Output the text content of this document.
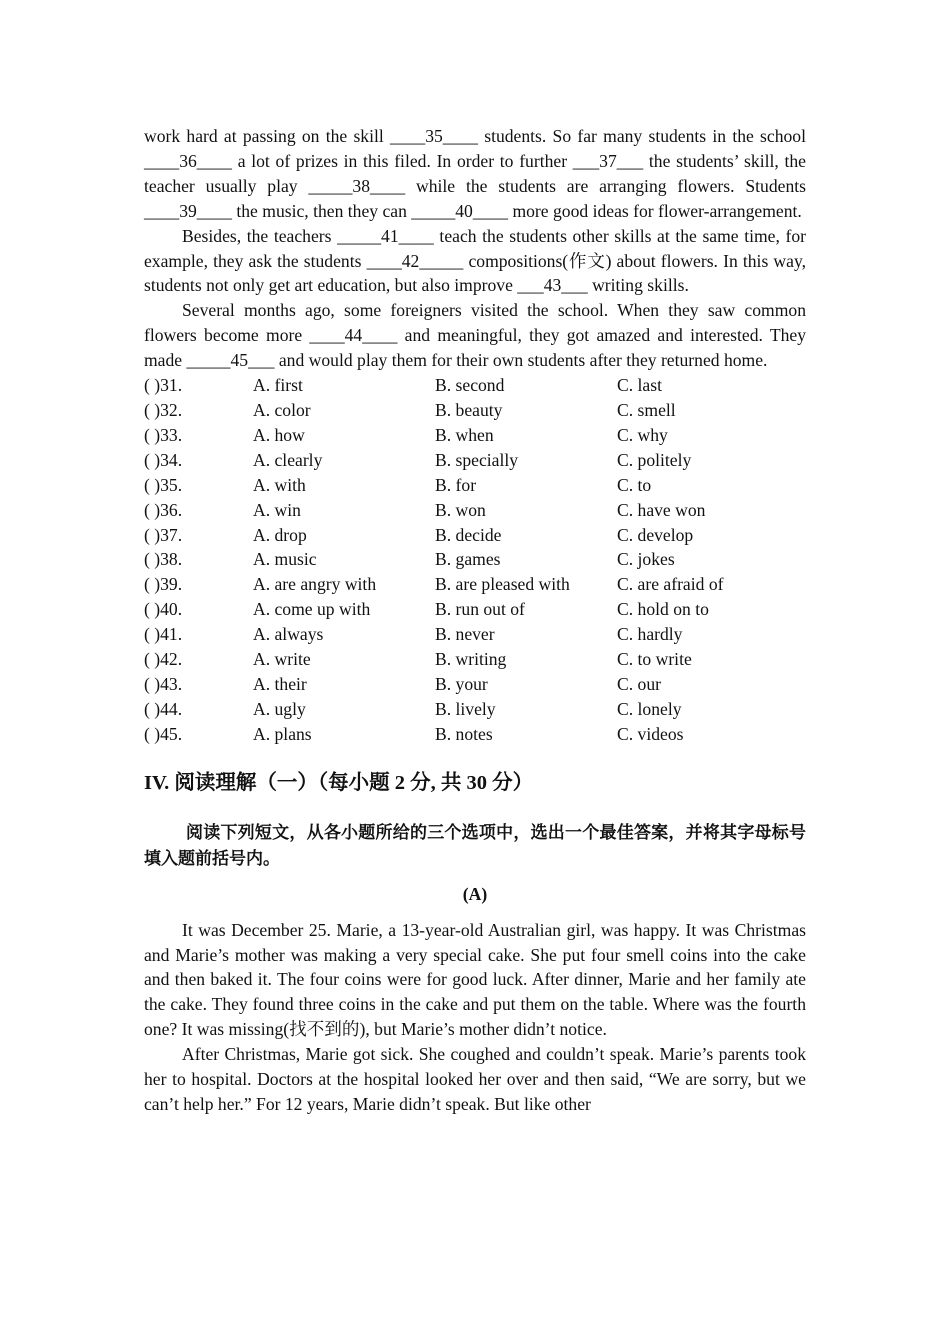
work hard at passing on the skill ____35____ students. So far many students in the school ____36____ a lot of prizes in this filed. In order to further ___37___ the students’ skill, the teacher usually play _____38____ while the students are arranging flowers. Students ____39____ the music, then they can _____40____ more good ideas for flower-arrangement.

Besides, the teachers _____41____ teach the students other skills at the same time, for example, they ask the students ____42_____ compositions(作文) about flowers. In this way, students not only get art education, but also improve ___43___ writing skills.

Several months ago, some foreigners visited the school. When they saw common flowers become more ____44____ and meaningful, they got amazed and interested. They made _____45___ and would play them for their own students after they returned home.

( )31.	A. first	B. second	C. last
( )32.	A. color	B. beauty	C. smell
( )33.	A. how	B. when	C. why
( )34.	A. clearly	B. specially	C. politely
( )35.	A. with	B. for	C. to
( )36.	A. win	B. won	C. have won
( )37.	A. drop	B. decide	C. develop
( )38.	A. music	B. games	C. jokes
( )39.	A. are angry with	B. are pleased with	C. are afraid of
( )40.	A. come up with	B. run out of	C. hold on to
( )41.	A. always	B. never	C. hardly
( )42.	A. write	B. writing	C. to write
( )43.	A. their	B. your	C. our
( )44.	A. ugly	B. lively	C. lonely
( )45.	A. plans	B. notes	C. videos
IV. 阅读理解（一）（每小题 2 分, 共 30 分）
阅读下列短文，从各小题所给的三个选项中，选出一个最佳答案，并将其字母标号填入题前括号内。
(A)

It was December 25. Marie, a 13-year-old Australian girl, was happy. It was Christmas and Marie’s mother was making a very special cake. She put four smell coins into the cake and then baked it. The four coins were for good luck. After dinner, Marie and her family ate the cake. They found three coins in the cake and put them on the table. Where was the fourth one? It was missing(找不到的), but Marie’s mother didn’t notice.

After Christmas, Marie got sick. She coughed and couldn’t speak. Marie’s parents took her to hospital. Doctors at the hospital looked her over and then said, “We are sorry, but we can’t help her.” For 12 years, Marie didn’t speak. But like other
